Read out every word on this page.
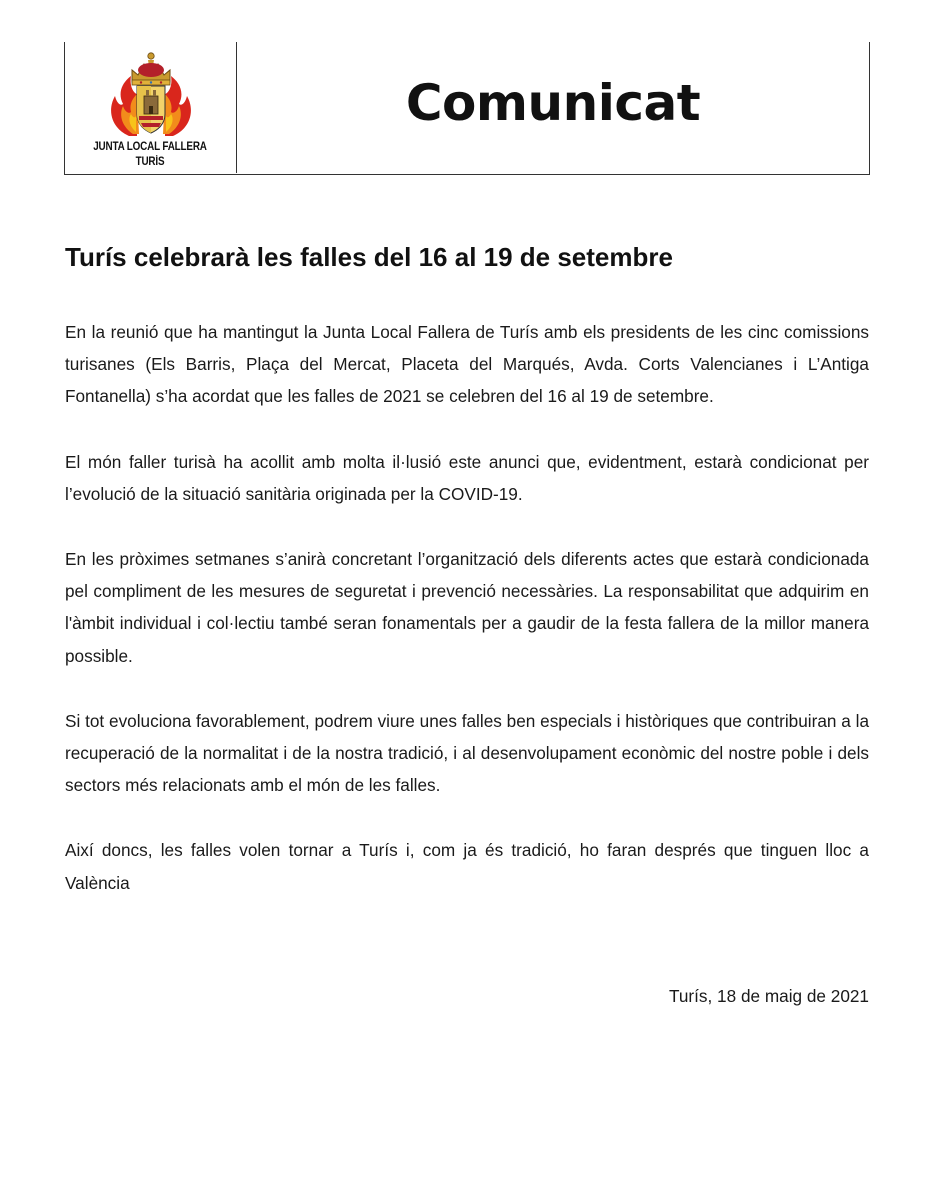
JUNTA LOCAL FALLERA
TURÍS
Comunicat
Turís celebrarà les falles del 16 al 19 de setembre

En la reunió que ha mantingut la Junta Local Fallera de Turís amb els presidents de les cinc comissions turisanes (Els Barris, Plaça del Mercat, Placeta del Marqués, Avda. Corts Valencianes i L’Antiga Fontanella) s’ha acordat que les falles de 2021 se celebren del 16 al 19 de setembre.

El món faller turisà ha acollit amb molta il·lusió este anunci que, evidentment, estarà condicionat per l’evolució de la situació sanitària originada per la COVID-19.

En les pròximes setmanes s’anirà concretant l’organització dels diferents actes que estarà condicionada pel compliment de les mesures de seguretat i prevenció necessàries. La responsabilitat que adquirim en l'àmbit individual i col·lectiu també seran fonamentals per a gaudir de la festa fallera de la millor manera possible.

Si tot evoluciona favorablement, podrem viure unes falles ben especials i històriques que contribuiran a la recuperació de la normalitat i de la nostra tradició, i al desenvolupament econòmic del nostre poble i dels sectors més relacionats amb el món de les falles.

Així doncs, les falles volen tornar a Turís i, com ja és tradició, ho faran després que tinguen lloc a València

Turís, 18 de maig de 2021
